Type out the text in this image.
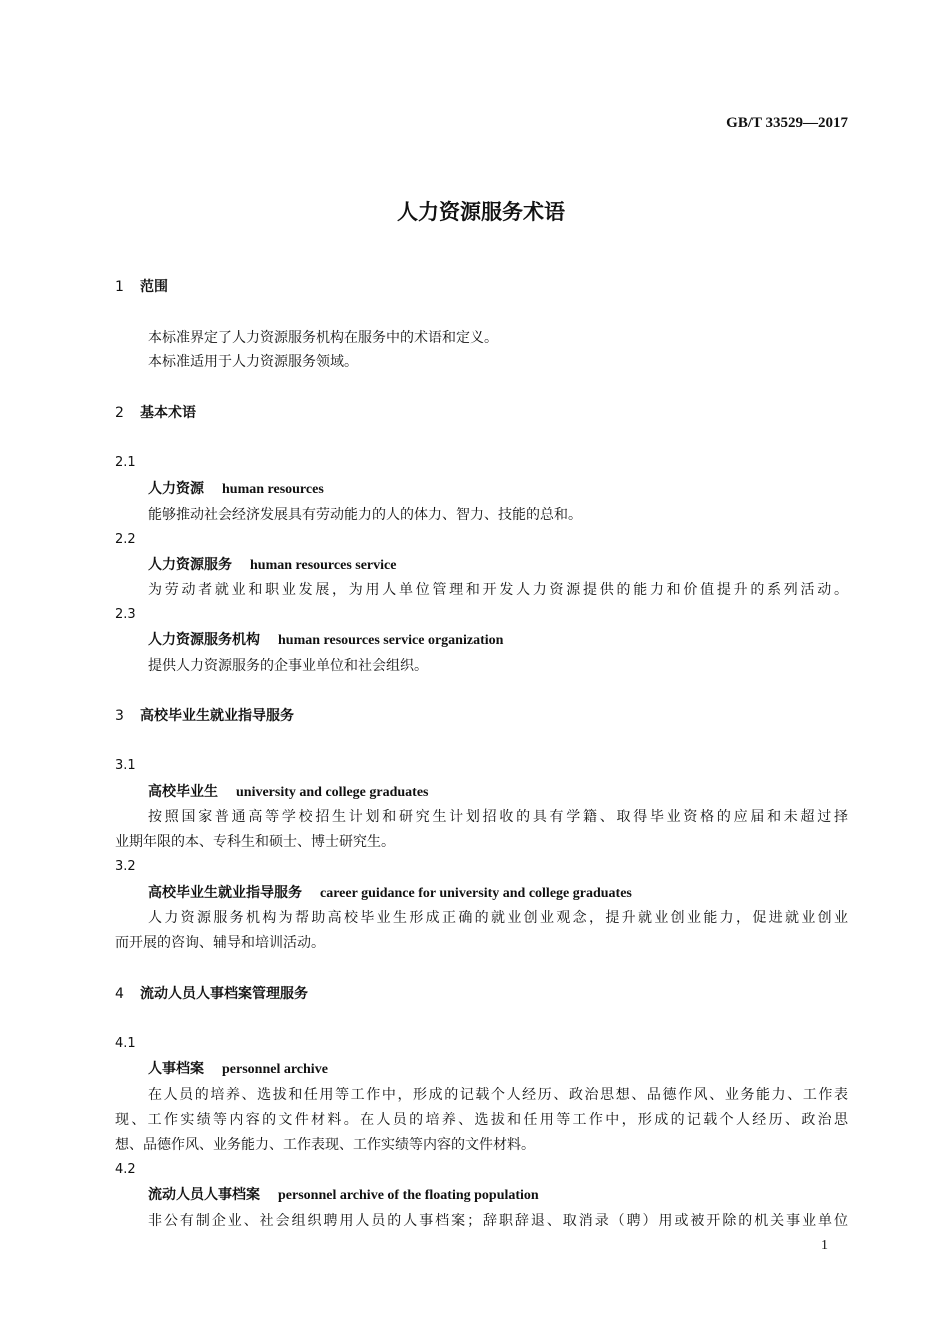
GB/T 33529—2017
人力资源服务术语
1 范围
本标准界定了人力资源服务机构在服务中的术语和定义。
本标准适用于人力资源服务领域。
2 基本术语
2.1
人力资源 human resources
能够推动社会经济发展具有劳动能力的人的体力、智力、技能的总和。
2.2
人力资源服务 human resources service
为劳动者就业和职业发展，为用人单位管理和开发人力资源提供的能力和价值提升的系列活动。
2.3
人力资源服务机构 human resources service organization
提供人力资源服务的企事业单位和社会组织。
3 高校毕业生就业指导服务
3.1
高校毕业生 university and college graduates
按照国家普通高等学校招生计划和研究生计划招收的具有学籍、取得毕业资格的应届和未超过择
业期年限的本、专科生和硕士、博士研究生。
3.2
高校毕业生就业指导服务 career guidance for university and college graduates
人力资源服务机构为帮助高校毕业生形成正确的就业创业观念，提升就业创业能力，促进就业创业
而开展的咨询、辅导和培训活动。
4 流动人员人事档案管理服务
4.1
人事档案 personnel archive
在人员的培养、选拔和任用等工作中，形成的记载个人经历、政治思想、品德作风、业务能力、工作表
现、工作实绩等内容的文件材料。在人员的培养、选拔和任用等工作中，形成的记载个人经历、政治思
想、品德作风、业务能力、工作表现、工作实绩等内容的文件材料。
4.2
流动人员人事档案 personnel archive of the floating population
非公有制企业、社会组织聘用人员的人事档案；辞职辞退、取消录（聘）用或被开除的机关事业单位
1
